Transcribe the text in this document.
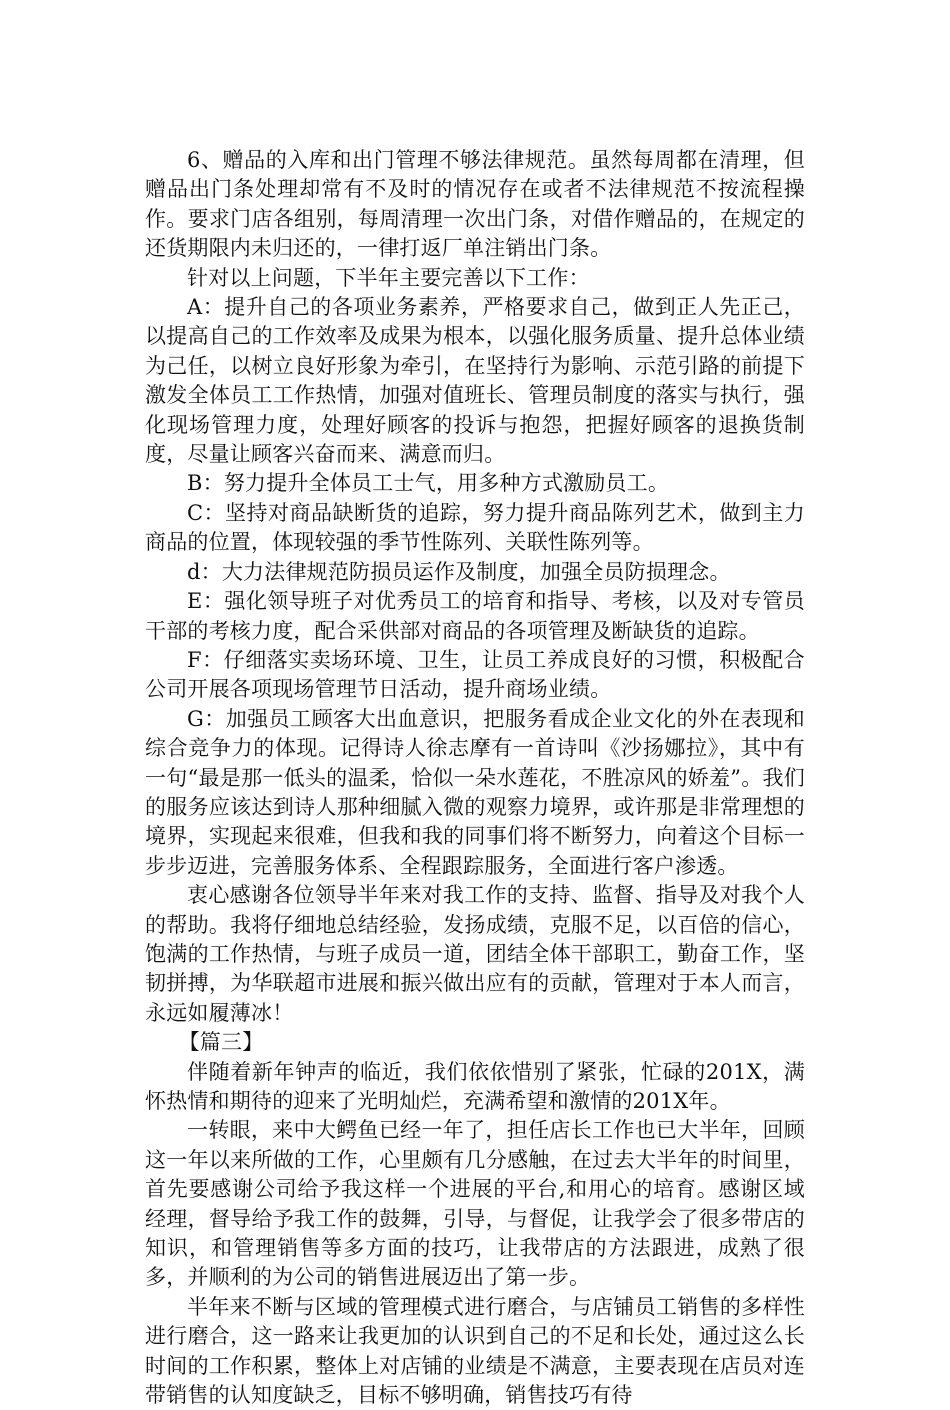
6、赠品的入库和出门管理不够法律规范。虽然每周都在清理，但赠品出门条处理却常有不及时的情况存在或者不法律规范不按流程操作。要求门店各组别，每周清理一次出门条，对借作赠品的，在规定的还货期限内未归还的，一律打返厂单注销出门条。

针对以上问题，下半年主要完善以下工作：

A：提升自己的各项业务素养，严格要求自己，做到正人先正己，以提高自己的工作效率及成果为根本，以强化服务质量、提升总体业绩为己任，以树立良好形象为牵引，在坚持行为影响、示范引路的前提下激发全体员工工作热情，加强对值班长、管理员制度的落实与执行，强化现场管理力度，处理好顾客的投诉与抱怨，把握好顾客的退换货制度，尽量让顾客兴奋而来、满意而归。

B：努力提升全体员工士气，用多种方式激励员工。

C：坚持对商品缺断货的追踪，努力提升商品陈列艺术，做到主力商品的位置，体现较强的季节性陈列、关联性陈列等。

d：大力法律规范防损员运作及制度，加强全员防损理念。

E：强化领导班子对优秀员工的培育和指导、考核，以及对专管员干部的考核力度，配合采供部对商品的各项管理及断缺货的追踪。

F：仔细落实卖场环境、卫生，让员工养成良好的习惯，积极配合公司开展各项现场管理节日活动，提升商场业绩。

G：加强员工顾客大出血意识，把服务看成企业文化的外在表现和综合竞争力的体现。记得诗人徐志摩有一首诗叫《沙扬娜拉》，其中有一句“最是那一低头的温柔，恰似一朵水莲花，不胜凉风的娇羞”。我们的服务应该达到诗人那种细腻入微的观察力境界，或许那是非常理想的境界，实现起来很难，但我和我的同事们将不断努力，向着这个目标一步步迈进，完善服务体系、全程跟踪服务，全面进行客户渗透。

衷心感谢各位领导半年来对我工作的支持、监督、指导及对我个人的帮助。我将仔细地总结经验，发扬成绩，克服不足，以百倍的信心，饱满的工作热情，与班子成员一道，团结全体干部职工，勤奋工作，坚韧拼搏，为华联超市进展和振兴做出应有的贡献，管理对于本人而言，永远如履薄冰！

【篇三】

伴随着新年钟声的临近，我们依依惜别了紧张，忙碌的201X，满怀热情和期待的迎来了光明灿烂，充满希望和激情的201X年。

一转眼，来中大鳄鱼已经一年了，担任店长工作也已大半年，回顾这一年以来所做的工作，心里颇有几分感触，在过去大半年的时间里，首先要感谢公司给予我这样一个进展的平台,和用心的培育。感谢区域经理，督导给予我工作的鼓舞，引导，与督促，让我学会了很多带店的知识，和管理销售等多方面的技巧，让我带店的方法跟进，成熟了很多，并顺利的为公司的销售进展迈出了第一步。

半年来不断与区域的管理模式进行磨合，与店铺员工销售的多样性进行磨合，这一路来让我更加的认识到自己的不足和长处，通过这么长时间的工作积累，整体上对店铺的业绩是不满意，主要表现在店员对连带销售的认知度缺乏，目标不够明确，销售技巧有待
